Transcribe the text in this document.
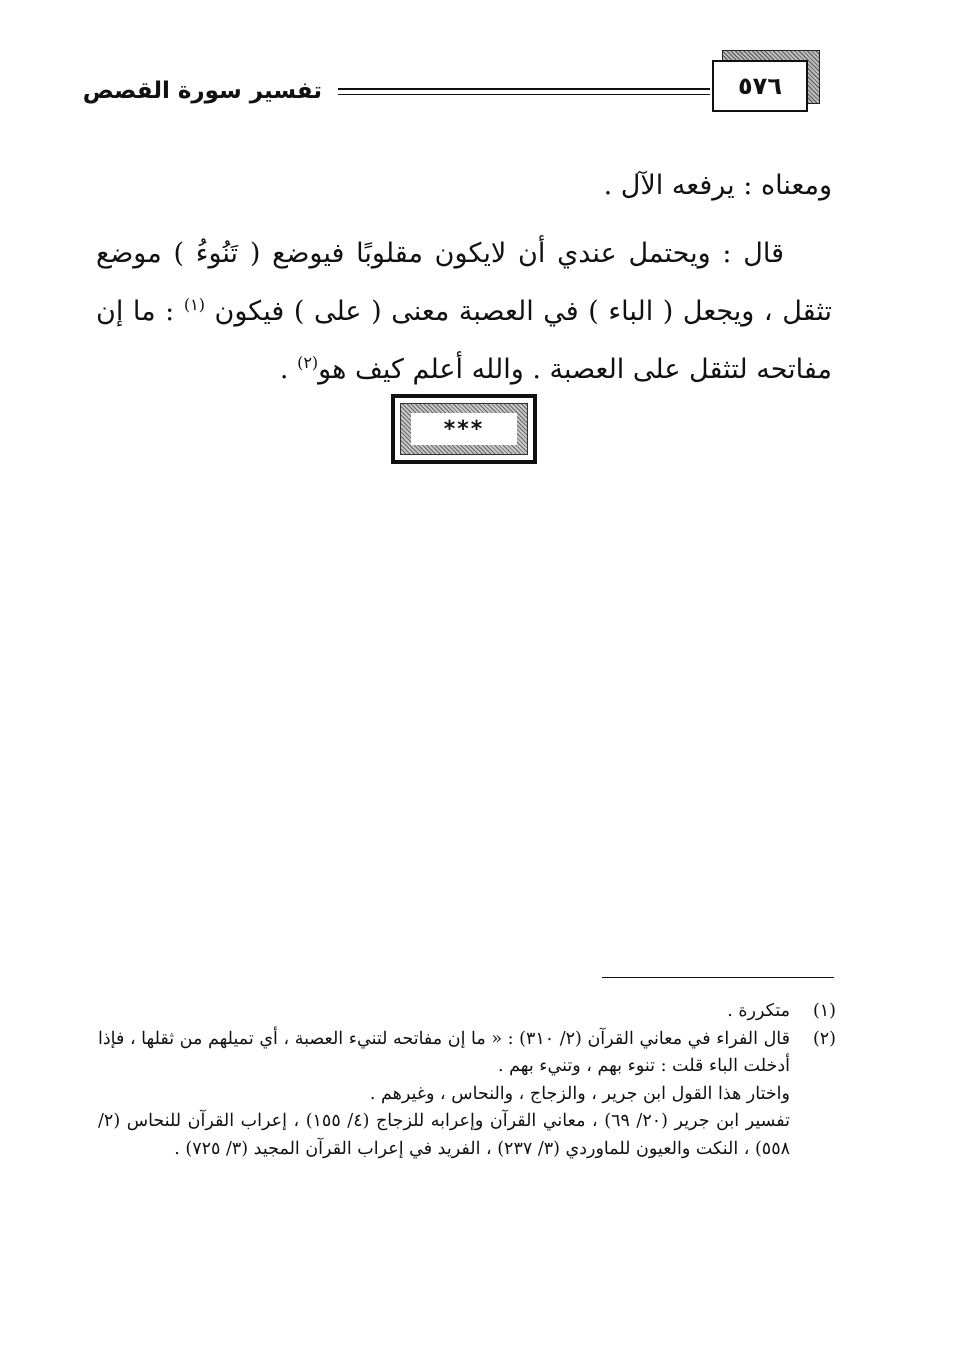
٥٧٦
تفسير سورة القصص
ومعناه : يرفعه الآل .
قال : ويحتمل عندي أن لايكون مقلوبًا فيوضع ( تَنُوءُ ) موضع تثقل ، ويجعل ( الباء ) في العصبة معنى ( على ) فيكون $^{(١)}$ : ما إن مفاتحه لتثقل على العصبة . والله أعلم كيف هو$^{(٢)}$ .
***
(١)
متكررة .
(٢)
قال الفراء في معاني القرآن (٢/ ٣١٠) : « ما إن مفاتحه لتنيء العصبة ، أي تميلهم من ثقلها ، فإذا أدخلت الباء قلت : تنوء بهم ، وتنيء بهم .
واختار هذا القول ابن جرير ، والزجاج ، والنحاس ، وغيرهم .
تفسير ابن جرير (٢٠/ ٦٩) ، معاني القرآن وإعرابه للزجاج (٤/ ١٥٥) ، إعراب القرآن للنحاس (٢/ ٥٥٨) ، النكت والعيون للماوردي (٣/ ٢٣٧) ، الفريد في إعراب القرآن المجيد (٣/ ٧٢٥) .
